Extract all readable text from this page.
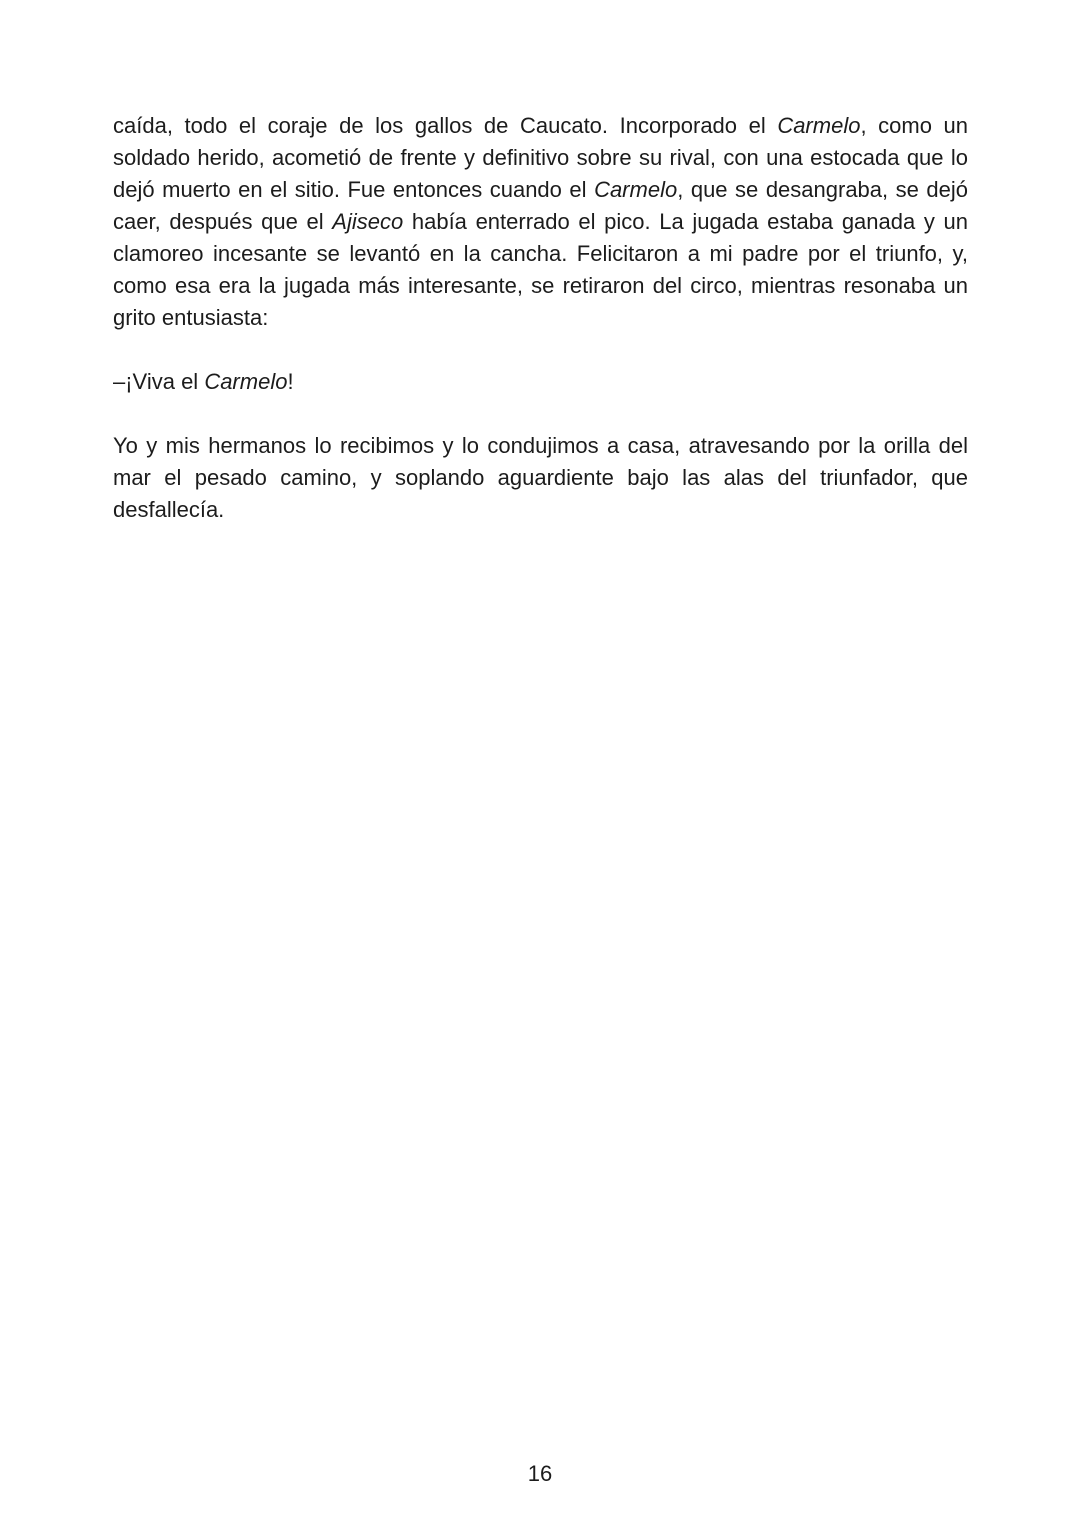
caída, todo el coraje de los gallos de Caucato. Incorporado el Carmelo, como un soldado herido, acometió de frente y definitivo sobre su rival, con una estocada que lo dejó muerto en el sitio. Fue entonces cuando el Carmelo, que se desangraba, se dejó caer, después que el Ajiseco había enterrado el pico. La jugada estaba ganada y un clamoreo incesante se levantó en la cancha. Felicitaron a mi padre por el triunfo, y, como esa era la jugada más interesante, se retiraron del circo, mientras resonaba un grito entusiasta:

–¡Viva el Carmelo!

Yo y mis hermanos lo recibimos y lo condujimos a casa, atravesando por la orilla del mar el pesado camino, y soplando aguardiente bajo las alas del triunfador, que desfallecía.

16
